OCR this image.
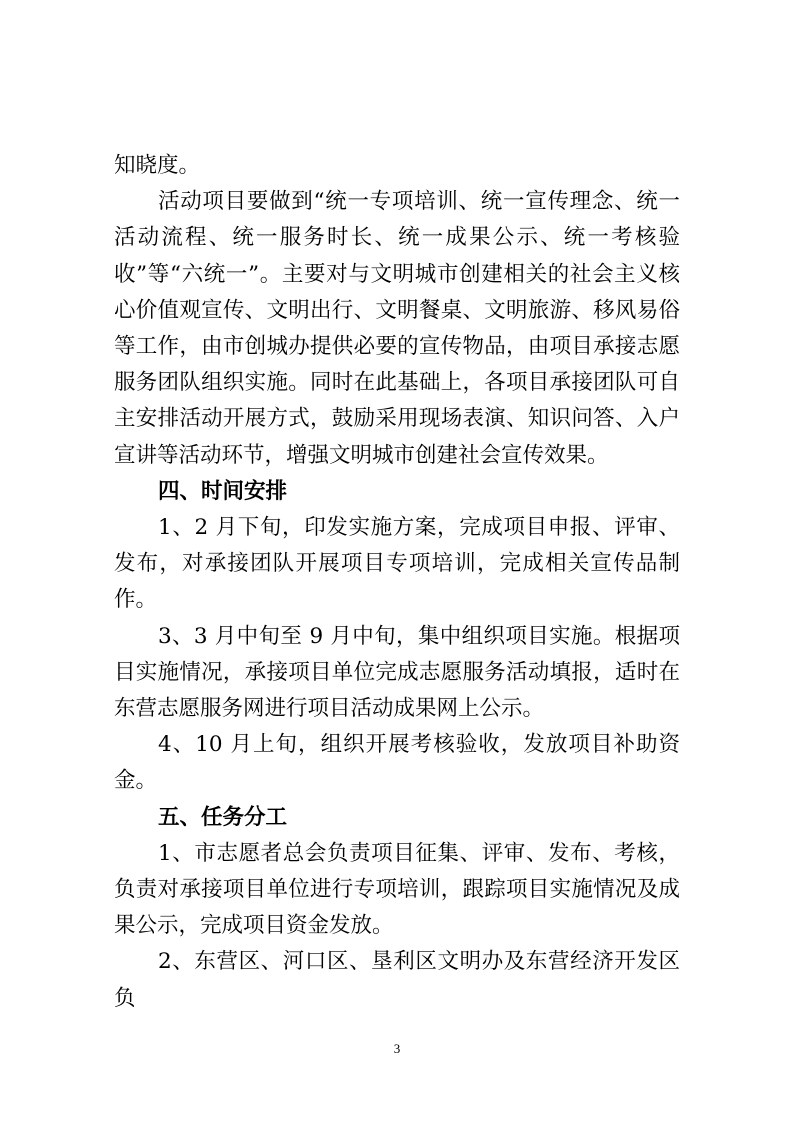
知晓度。

活动项目要做到“统一专项培训、统一宣传理念、统一活动流程、统一服务时长、统一成果公示、统一考核验收”等“六统一”。主要对与文明城市创建相关的社会主义核心价值观宣传、文明出行、文明餐桌、文明旅游、移风易俗等工作，由市创城办提供必要的宣传物品，由项目承接志愿服务团队组织实施。同时在此基础上，各项目承接团队可自主安排活动开展方式，鼓励采用现场表演、知识问答、入户宣讲等活动环节，增强文明城市创建社会宣传效果。

四、时间安排

1、2 月下旬，印发实施方案，完成项目申报、评审、发布，对承接团队开展项目专项培训，完成相关宣传品制作。

3、3 月中旬至 9 月中旬，集中组织项目实施。根据项目实施情况，承接项目单位完成志愿服务活动填报，适时在东营志愿服务网进行项目活动成果网上公示。

4、10 月上旬，组织开展考核验收，发放项目补助资金。

五、任务分工

1、市志愿者总会负责项目征集、评审、发布、考核，负责对承接项目单位进行专项培训，跟踪项目实施情况及成果公示，完成项目资金发放。

2、东营区、河口区、垦利区文明办及东营经济开发区负

3
